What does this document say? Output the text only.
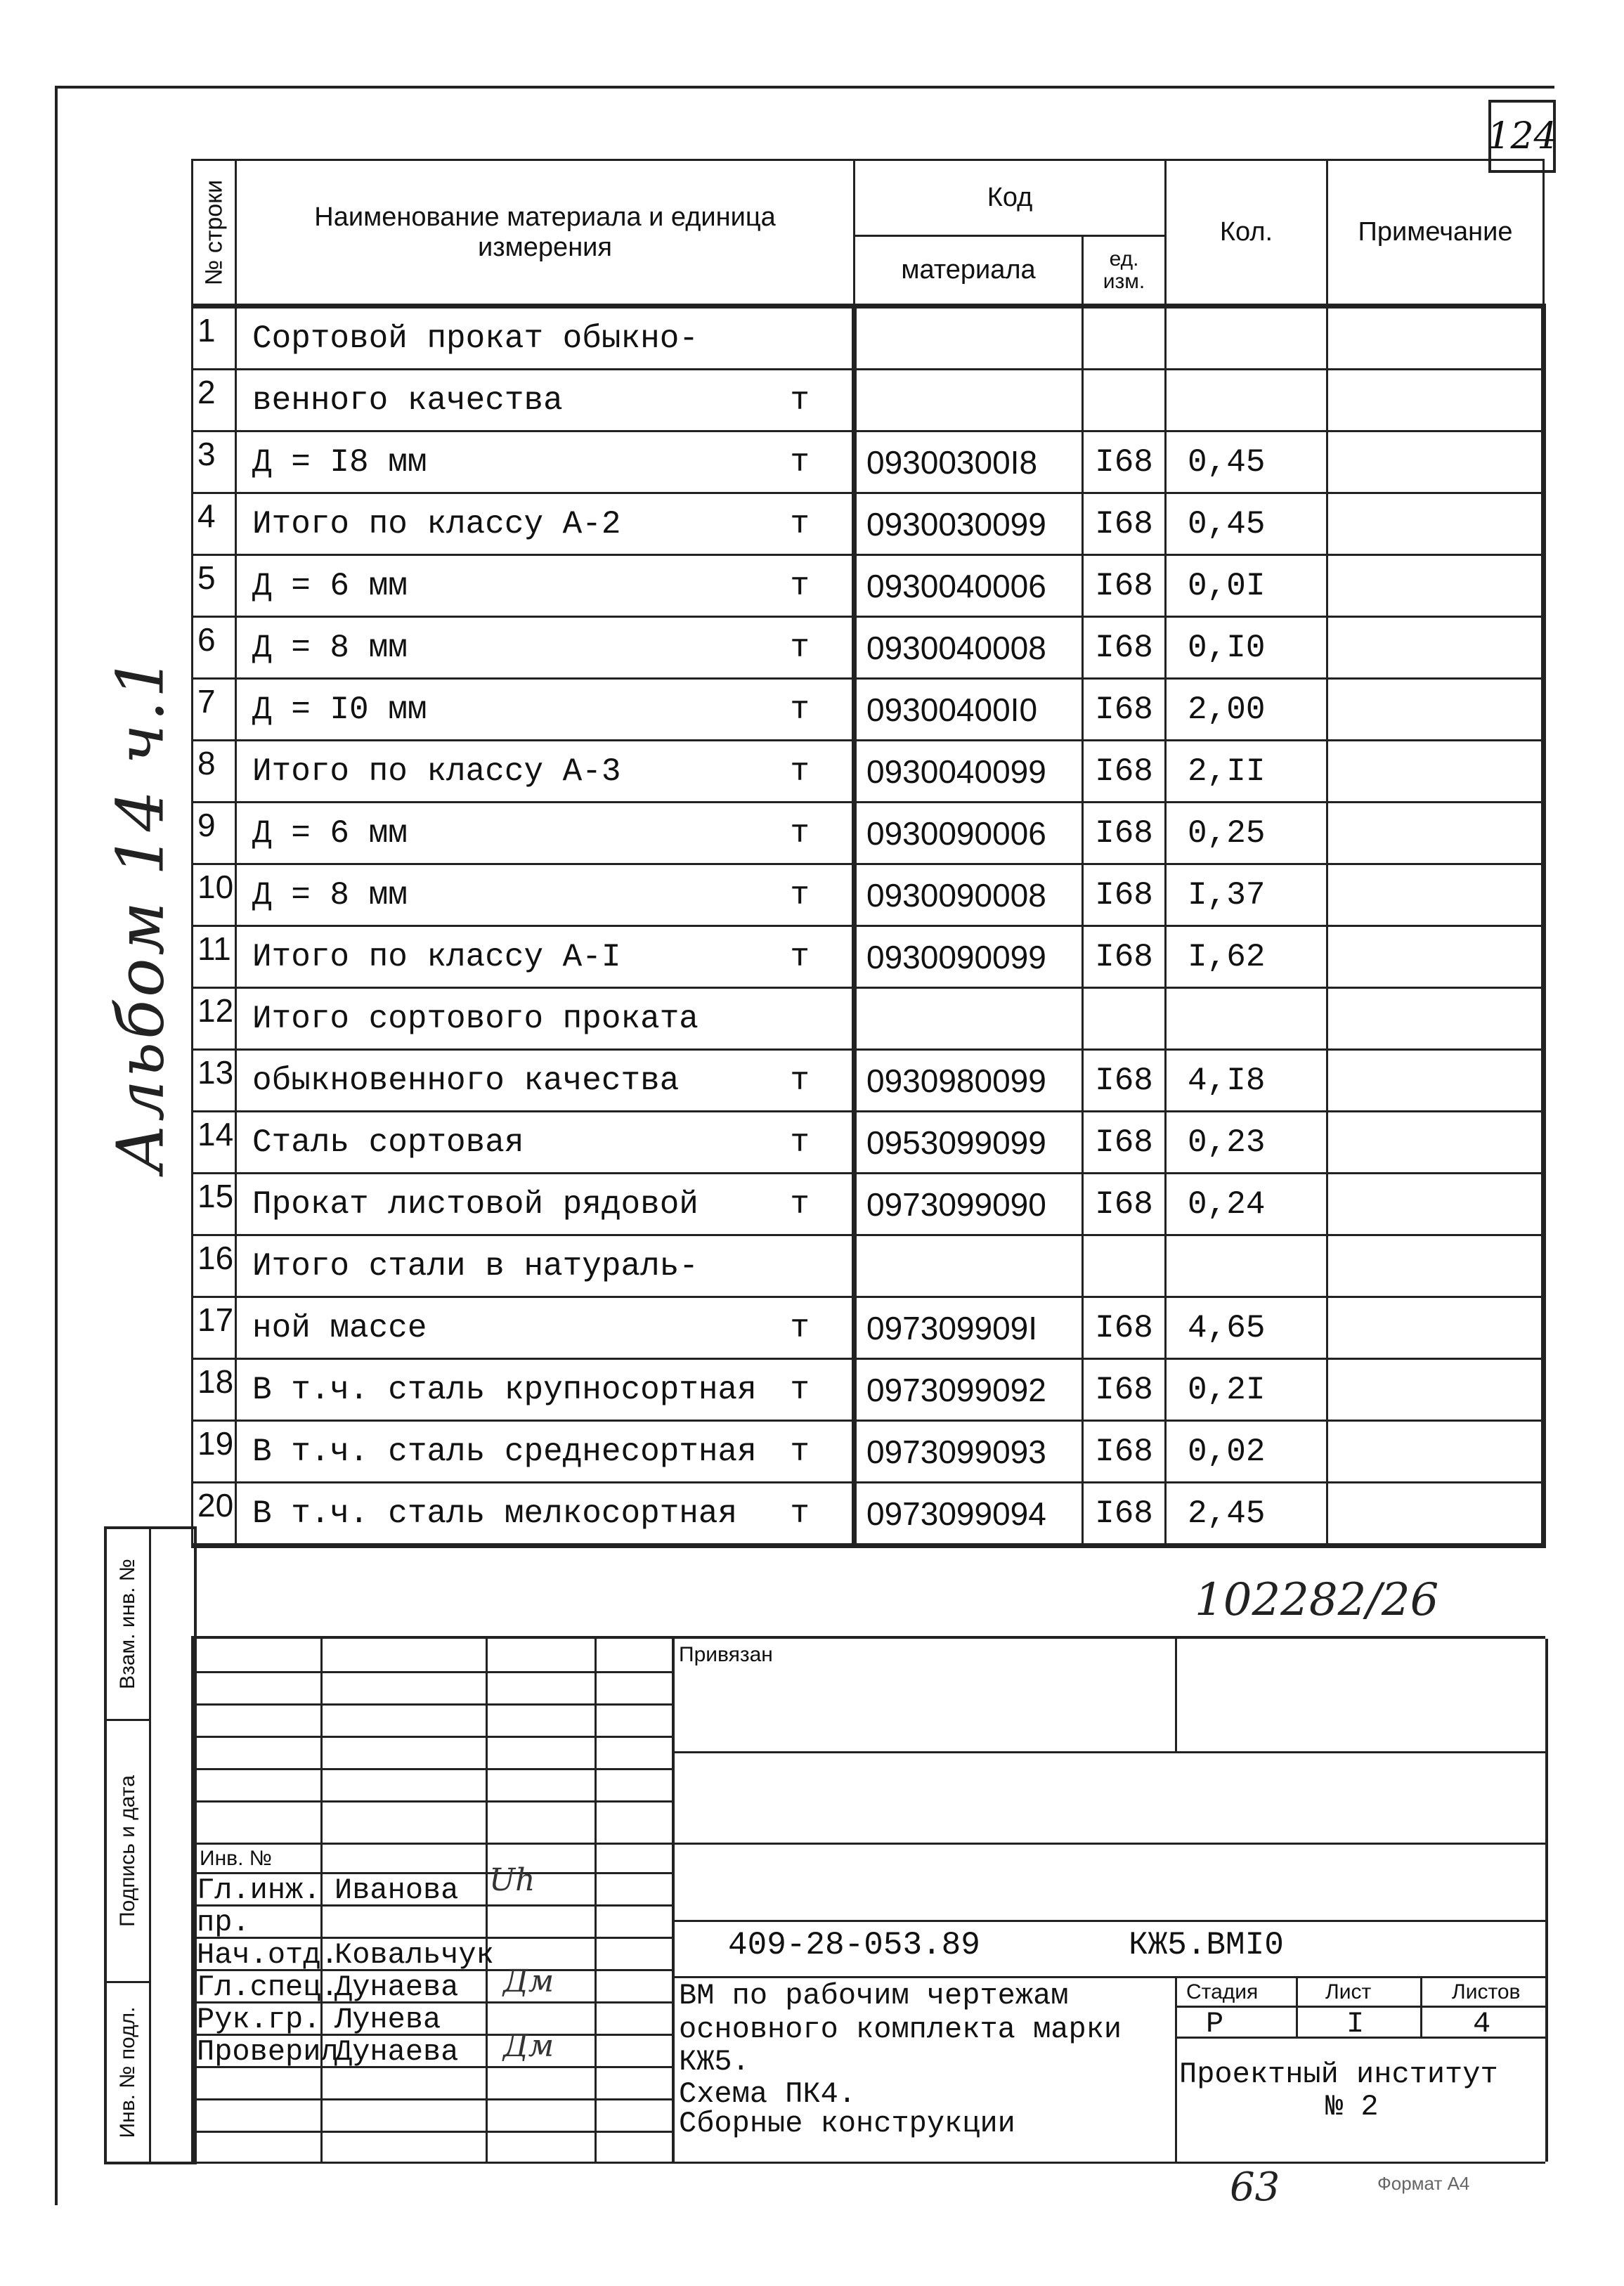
124
Альбом 14 ч.1
№ строки	Наименование материала и единица измерения	Код		Кол.	Примечание
		материала	ед. изм.		
1	Сортовой прокат обыкно-

2	венного качества т				

3	Д = I8 мм т	09300300I8	I68	0,45	
4	Итого по классу А-2 т	0930030099	I68	0,45	
5	Д = 6 мм т	0930040006	I68	0,0I	
6	Д = 8 мм т	0930040008	I68	0,I0	
7	Д = I0 мм т	09300400I0	I68	2,00	
8	Итого по классу А-3 т	0930040099	I68	2,II	
9	Д = 6 мм т	0930090006	I68	0,25	
10	Д = 8 мм т	0930090008	I68	I,37	
11	Итого по классу А-I т	0930090099	I68	I,62	
12	Итого сортового проката

13	обыкновенного качества т	0930980099	I68	4,I8	
14	Сталь сортовая т	0953099099	I68	0,23	
15	Прокат листовой рядовой т	0973099090	I68	0,24	
16	Итого стали в натураль-

17	ной массе т	097309909I	I68	4,65	
18	В т.ч. сталь крупносортная т	0973099092	I68	0,2I	
19	В т.ч. сталь среднесортная т	0973099093	I68	0,02	
20	В т.ч. сталь мелкосортная т	0973099094	I68	2,45	
102282/26
Взам. инв. №
Подпись и дата
Инв. № подл.
Привязан
Инв. №
Гл.инж. Иванова Uh
пр.
Нач.отд.
Ковальчук
Гл.спец.
Дунаева Дм
Рук.гр. Лунева
Проверил
Дунаева Дм
409-28-053.89	КЖ5.ВМI0
ВМ по рабочим чертежам
основного комплекта марки
КЖ5.
Схема ПК4.
Сборные конструкции
Стадия	Лист	Листов
Р	I	4
Проектный институт
№ 2
63	Формат А4
